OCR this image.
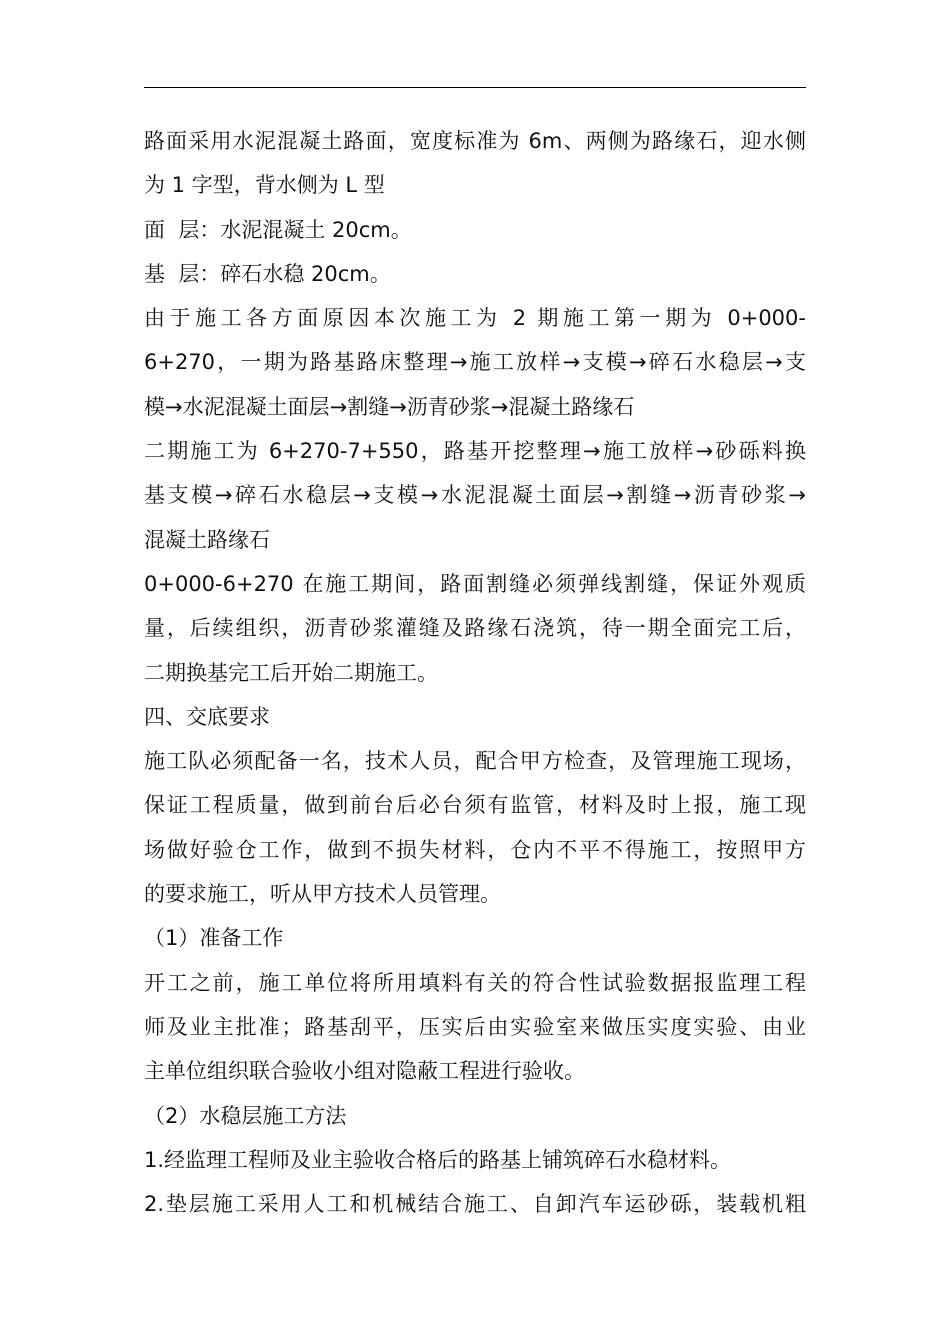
路面采用水泥混凝土路面，宽度标准为 6m、两侧为路缘石，迎水侧
为 1 字型，背水侧为 L 型
面  层：水泥混凝土 20cm。
基  层：碎石水稳 20cm。
由于施工各方面原因本次施工为 2 期施工第一期为 0+000-
6+270，一期为路基路床整理→施工放样→支模→碎石水稳层→支
模→水泥混凝土面层→割缝→沥青砂浆→混凝土路缘石
二期施工为 6+270-7+550，路基开挖整理→施工放样→砂砾料换
基支模→碎石水稳层→支模→水泥混凝土面层→割缝→沥青砂浆→
混凝土路缘石
0+000-6+270 在施工期间，路面割缝必须弹线割缝，保证外观质
量，后续组织，沥青砂浆灌缝及路缘石浇筑，待一期全面完工后，
二期换基完工后开始二期施工。
四、交底要求
施工队必须配备一名，技术人员，配合甲方检查，及管理施工现场，
保证工程质量，做到前台后必台须有监管，材料及时上报，施工现
场做好验仓工作，做到不损失材料，仓内不平不得施工，按照甲方
的要求施工，听从甲方技术人员管理。
（1）准备工作
开工之前，施工单位将所用填料有关的符合性试验数据报监理工程
师及业主批准；路基刮平，压实后由实验室来做压实度实验、由业
主单位组织联合验收小组对隐蔽工程进行验收。
（2）水稳层施工方法
1.经监理工程师及业主验收合格后的路基上铺筑碎石水稳材料。
2.垫层施工采用人工和机械结合施工、自卸汽车运砂砾，装载机粗
